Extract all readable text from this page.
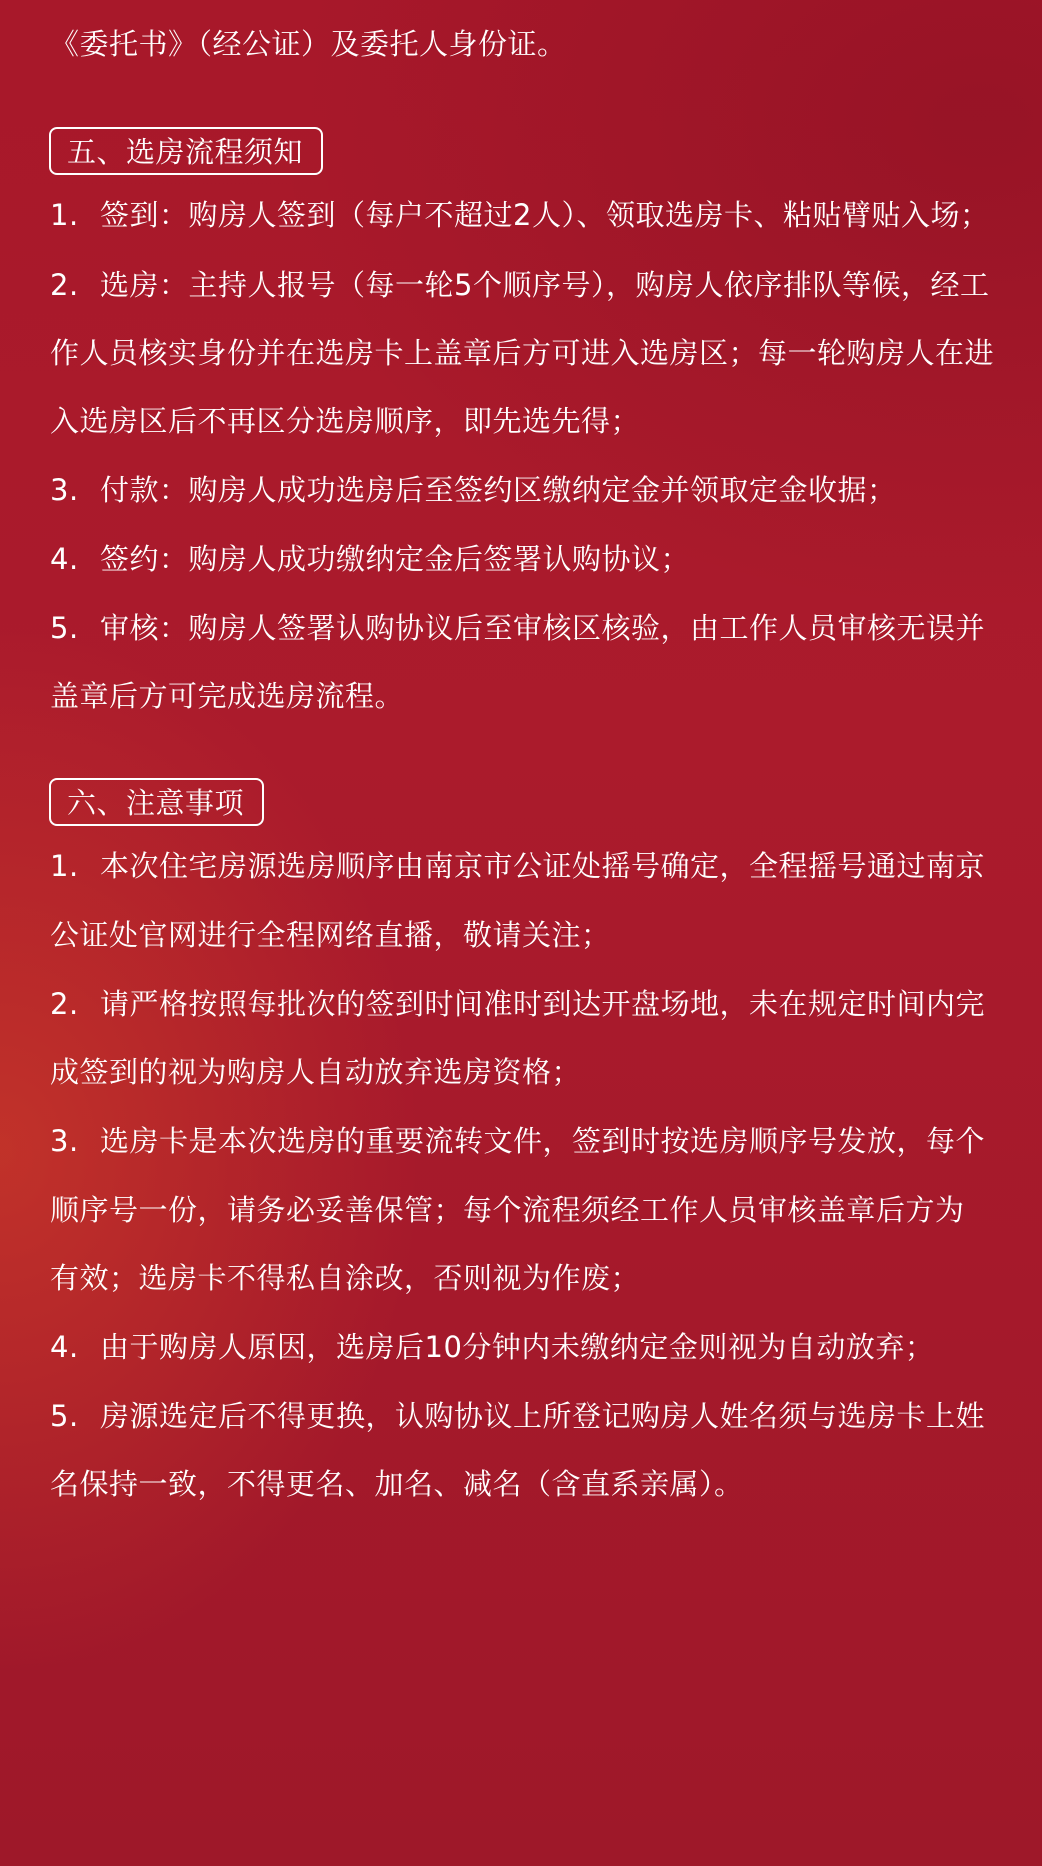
《委托书》（经公证）及委托人身份证。
五、选房流程须知
1. 签到：购房人签到（每户不超过2人）、领取选房卡、粘贴臂贴入场；
2. 选房：主持人报号（每一轮5个顺序号），购房人依序排队等候，经工
作人员核实身份并在选房卡上盖章后方可进入选房区；每一轮购房人在进
入选房区后不再区分选房顺序，即先选先得；
3. 付款：购房人成功选房后至签约区缴纳定金并领取定金收据；
4. 签约：购房人成功缴纳定金后签署认购协议；
5. 审核：购房人签署认购协议后至审核区核验，由工作人员审核无误并
盖章后方可完成选房流程。
六、注意事项
1. 本次住宅房源选房顺序由南京市公证处摇号确定，全程摇号通过南京
公证处官网进行全程网络直播，敬请关注；
2. 请严格按照每批次的签到时间准时到达开盘场地，未在规定时间内完
成签到的视为购房人自动放弃选房资格；
3. 选房卡是本次选房的重要流转文件，签到时按选房顺序号发放，每个
顺序号一份，请务必妥善保管；每个流程须经工作人员审核盖章后方为
有效；选房卡不得私自涂改，否则视为作废；
4. 由于购房人原因，选房后10分钟内未缴纳定金则视为自动放弃；
5. 房源选定后不得更换，认购协议上所登记购房人姓名须与选房卡上姓
名保持一致，不得更名、加名、减名（含直系亲属）。
